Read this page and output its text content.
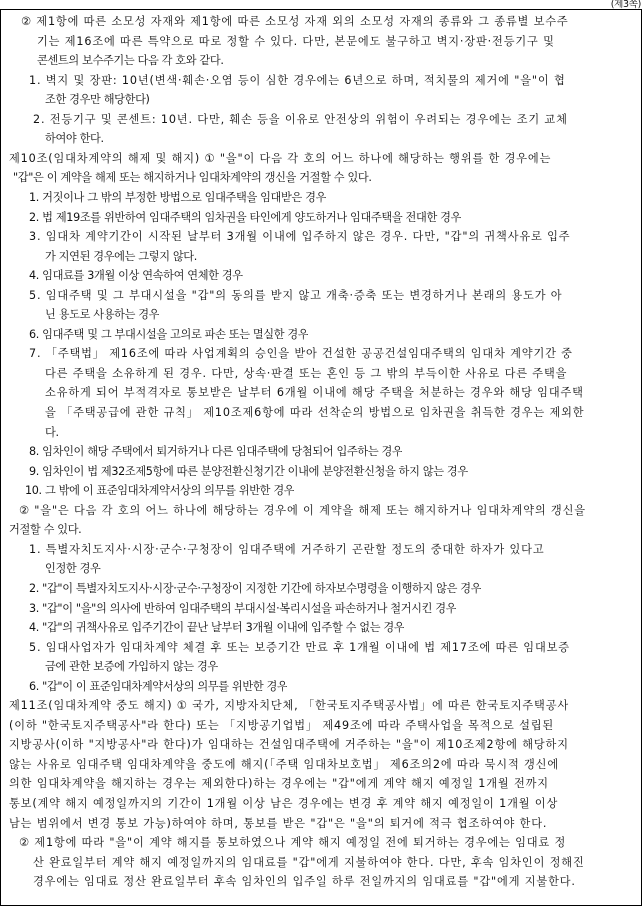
(제3쪽)
② 제1항에 따른 소모성 자재와 제1항에 따른 소모성 자재 외의 소모성 자재의 종류와 그 종류별 보수주
기는 제16조에 따른 특약으로 따로 정할 수 있다. 다만, 본문에도 불구하고 벽지·장판·전등기구 및
콘센트의 보수주기는 다음 각 호와 같다.
1. 벽지 및 장판: 10년(변색·훼손·오염 등이 심한 경우에는 6년으로 하며, 적치물의 제거에 "을"이 협
조한 경우만 해당한다)
2. 전등기구 및 콘센트: 10년. 다만, 훼손 등을 이유로 안전상의 위험이 우려되는 경우에는 조기 교체
하여야 한다.
제10조(임대차계약의 해제 및 해지) ① "을"이 다음 각 호의 어느 하나에 해당하는 행위를 한 경우에는
"갑"은 이 계약을 해제 또는 해지하거나 임대차계약의 갱신을 거절할 수 있다.
1. 거짓이나 그 밖의 부정한 방법으로 임대주택을 임대받은 경우
2. 법 제19조를 위반하여 임대주택의 임차권을 타인에게 양도하거나 임대주택을 전대한 경우
3. 임대차 계약기간이 시작된 날부터 3개월 이내에 입주하지 않은 경우. 다만, "갑"의 귀책사유로 입주
가 지연된 경우에는 그렇지 않다.
4. 임대료를 3개월 이상 연속하여 연체한 경우
5. 임대주택 및 그 부대시설을 "갑"의 동의를 받지 않고 개축·증축 또는 변경하거나 본래의 용도가 아
닌 용도로 사용하는 경우
6. 임대주택 및 그 부대시설을 고의로 파손 또는 멸실한 경우
7. 「주택법」 제16조에 따라 사업계획의 승인을 받아 건설한 공공건설임대주택의 임대차 계약기간 중
다른 주택을 소유하게 된 경우. 다만, 상속·판결 또는 혼인 등 그 밖의 부득이한 사유로 다른 주택을
소유하게 되어 부적격자로 통보받은 날부터 6개월 이내에 해당 주택을 처분하는 경우와 해당 임대주택
을 「주택공급에 관한 규칙」 제10조제6항에 따라 선착순의 방법으로 임차권을 취득한 경우는 제외한
다.
8. 임차인이 해당 주택에서 퇴거하거나 다른 임대주택에 당첨되어 입주하는 경우
9. 임차인이 법 제32조제5항에 따른 분양전환신청기간 이내에 분양전환신청을 하지 않는 경우
10. 그 밖에 이 표준임대차계약서상의 의무를 위반한 경우
② "을"은 다음 각 호의 어느 하나에 해당하는 경우에 이 계약을 해제 또는 해지하거나 임대차계약의 갱신을
거절할 수 있다.
1. 특별자치도지사·시장·군수·구청장이 임대주택에 거주하기 곤란할 정도의 중대한 하자가 있다고
인정한 경우
2. "갑"이 특별자치도지사·시장·군수·구청장이 지정한 기간에 하자보수명령을 이행하지 않은 경우
3. "갑"이 "을"의 의사에 반하여 임대주택의 부대시설·복리시설을 파손하거나 철거시킨 경우
4. "갑"의 귀책사유로 입주기간이 끝난 날부터 3개월 이내에 입주할 수 없는 경우
5. 임대사업자가 임대차계약 체결 후 또는 보증기간 만료 후 1개월 이내에 법 제17조에 따른 임대보증
금에 관한 보증에 가입하지 않는 경우
6. "갑"이 이 표준임대차계약서상의 의무를 위반한 경우
제11조(임대차계약 중도 해지) ① 국가, 지방자치단체, 「한국토지주택공사법」에 따른 한국토지주택공사
(이하 "한국토지주택공사"라 한다) 또는 「지방공기업법」 제49조에 따라 주택사업을 목적으로 설립된
지방공사(이하 "지방공사"라 한다)가 임대하는 건설임대주택에 거주하는 "을"이 제10조제2항에 해당하지
않는 사유로 임대주택 임대차계약을 중도에 해지(「주택 임대차보호법」 제6조의2에 따라 묵시적 갱신에
의한 임대차계약을 해지하는 경우는 제외한다)하는 경우에는 "갑"에게 계약 해지 예정일 1개월 전까지
통보(계약 해지 예정일까지의 기간이 1개월 이상 남은 경우에는 변경 후 계약 해지 예정일이 1개월 이상
남는 범위에서 변경 통보 가능)하여야 하며, 통보를 받은 "갑"은 "을"의 퇴거에 적극 협조하여야 한다.
② 제1항에 따라 "을"이 계약 해지를 통보하였으나 계약 해지 예정일 전에 퇴거하는 경우에는 임대료 정
산 완료일부터 계약 해지 예정일까지의 임대료를 "갑"에게 지불하여야 한다. 다만, 후속 임차인이 정해진
경우에는 임대료 정산 완료일부터 후속 임차인의 입주일 하루 전일까지의 임대료를 "갑"에게 지불한다.
